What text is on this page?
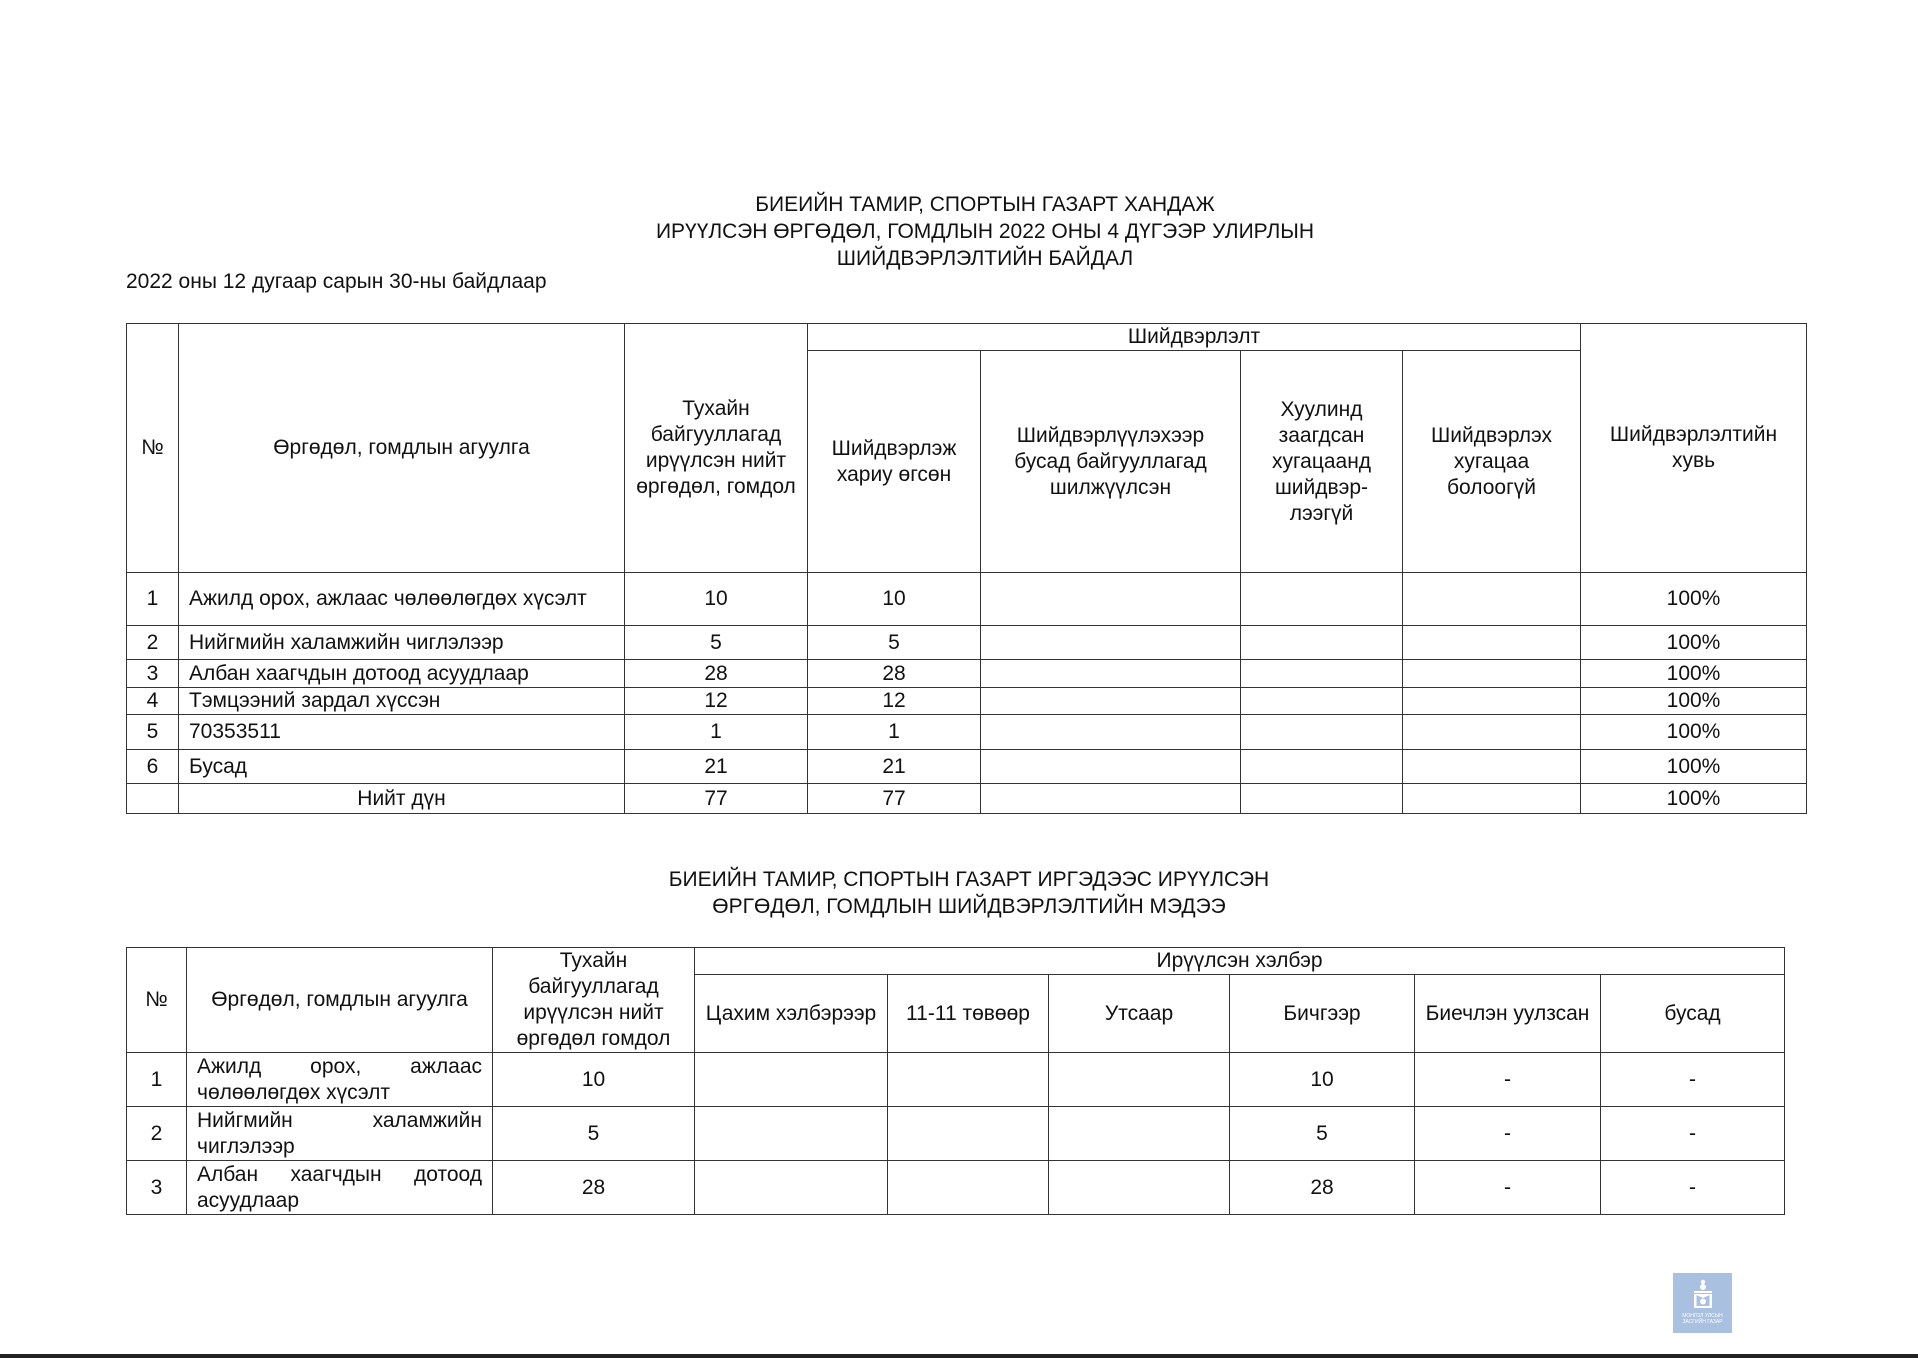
БИЕИЙН ТАМИР, СПОРТЫН ГАЗАРТ ХАНДАЖ
ИРҮҮЛСЭН ӨРГӨДӨЛ, ГОМДЛЫН 2022 ОНЫ 4 ДҮГЭЭР УЛИРЛЫН
ШИЙДВЭРЛЭЛТИЙН БАЙДАЛ
2022 оны 12 дугаар сарын 30-ны байдлаар
№	Өргөдөл, гомдлын агуулга	Тухайн байгууллагад ирүүлсэн нийт өргөдөл, гомдол	Шийдвэрлэлт				Шийдвэрлэлтийн хувь
			Шийдвэрлэж хариу өгсөн	Шийдвэрлүүлэхээр бусад байгууллагад шилжүүлсэн	Хуулинд заагдсан хугацаанд шийдвэр-лээгүй	Шийдвэрлэх хугацаа болоогүй	
1	Ажилд орох, ажлаас чөлөөлөгдөх хүсэлт	10	10				100%
2	Нийгмийн халамжийн чиглэлээр	5	5				100%
3	Албан хаагчдын дотоод асуудлаар	28	28				100%
4	Тэмцээний зардал хүссэн	12	12				100%
5	70353511	1	1				100%
6	Бусад	21	21				100%
	Нийт дүн	77	77				100%
БИЕИЙН ТАМИР, СПОРТЫН ГАЗАРТ ИРГЭДЭЭС ИРҮҮЛСЭН
ӨРГӨДӨЛ, ГОМДЛЫН ШИЙДВЭРЛЭЛТИЙН МЭДЭЭ
№	Өргөдөл, гомдлын агуулга	Тухайн байгууллагад ирүүлсэн нийт өргөдөл гомдол	Ирүүлсэн хэлбэр					
			Цахим хэлбэрээр	11-11 төвөөр	Утсаар	Бичгээр	Биечлэн уулзсан	бусад
1	Ажилд орох, ажлаас чөлөөлөгдөх хүсэлт	10				10	-	-
2	Нийгмийн халамжийн чиглэлээр	5				5	-	-
3	Албан хаагчдын дотоод асуудлаар	28				28	-	-
МОНГОЛ УЛСЫН ЗАСГИЙН ГАЗАР
